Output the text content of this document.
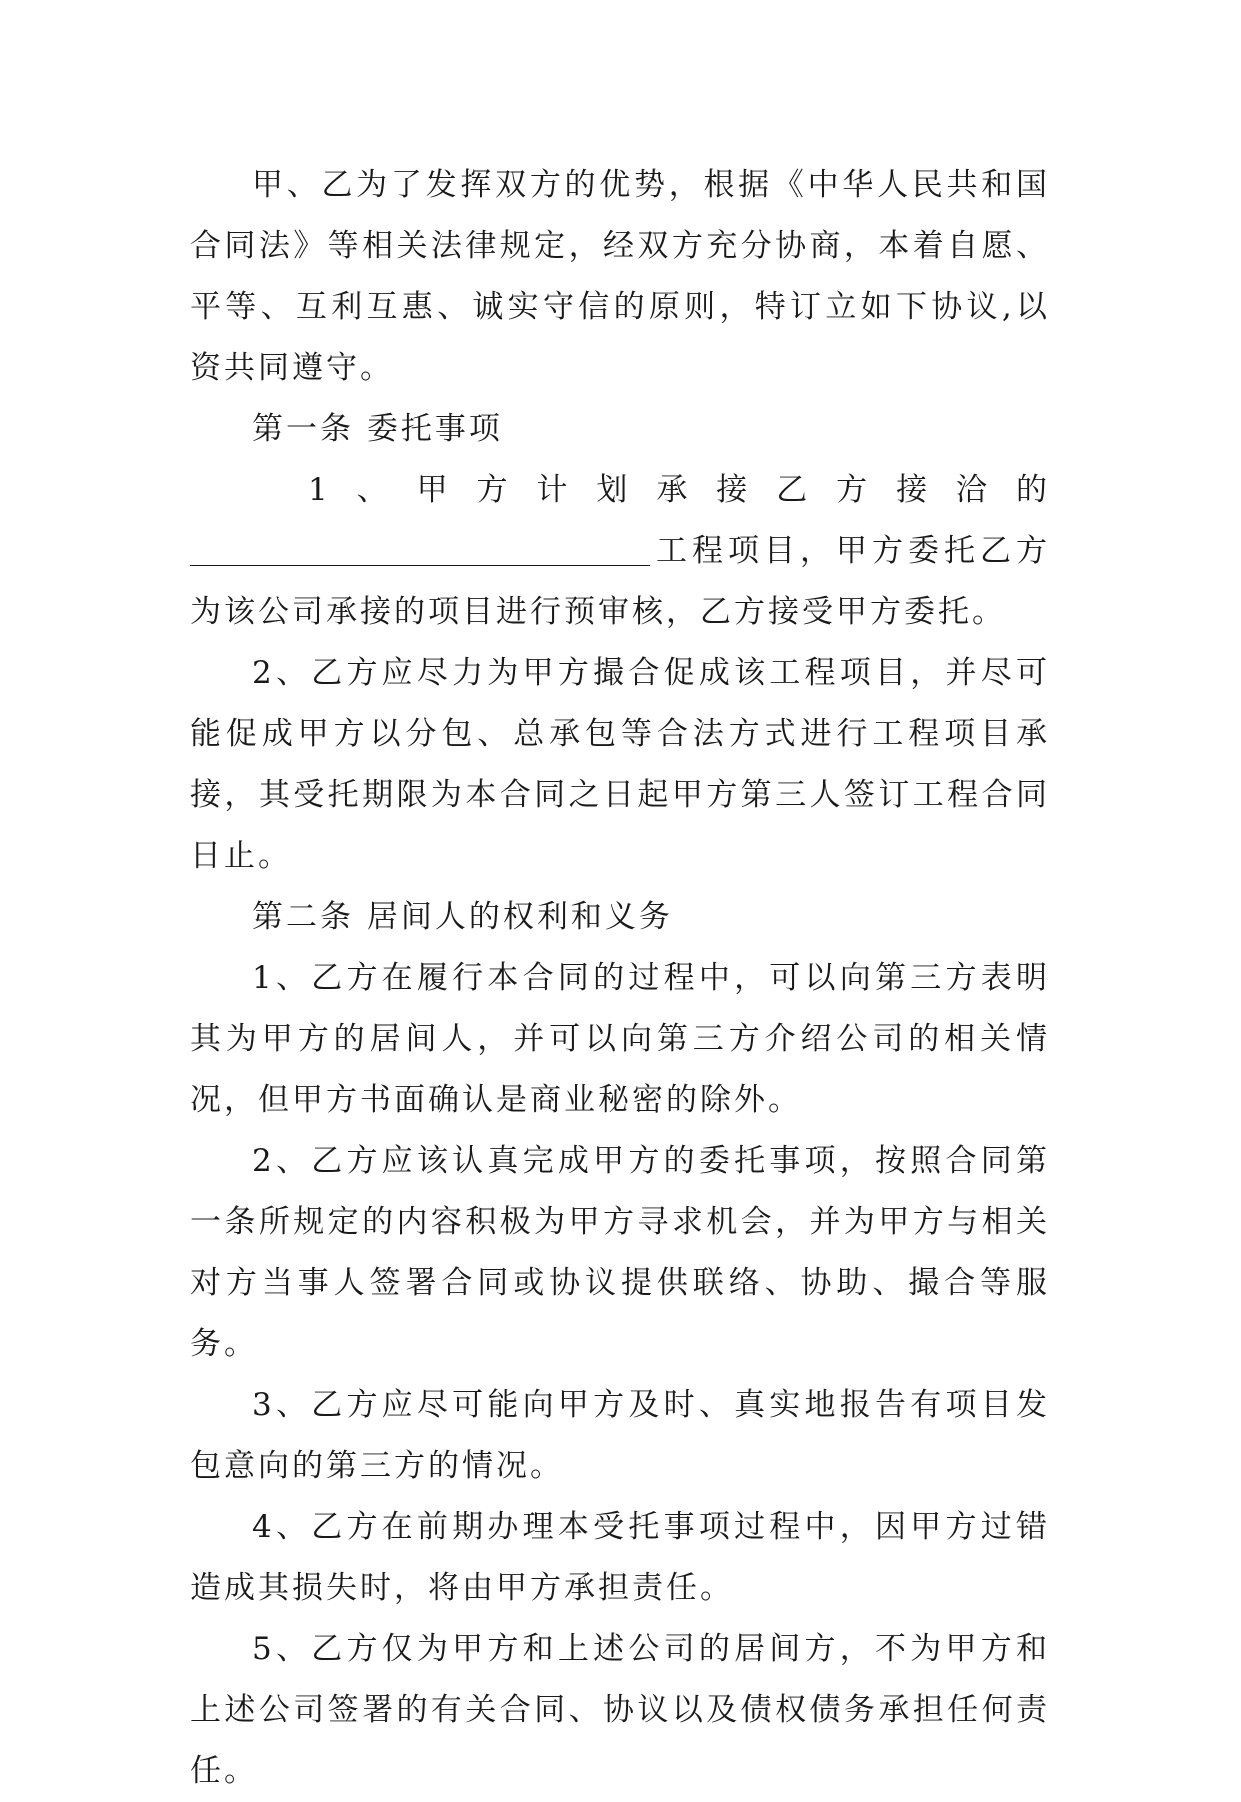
甲、乙为了发挥双方的优势，根据《中华人民共和国合同法》等相关法律规定，经双方充分协商，本着自愿、平等、互利互惠、诚实守信的原则，特订立如下协议,以资共同遵守。

第一条 委托事项

1 、 甲 方 计 划 承 接 乙 方 接 洽 的

工程项目，甲方委托乙方为该公司承接的项目进行预审核，乙方接受甲方委托。

2、乙方应尽力为甲方撮合促成该工程项目，并尽可能促成甲方以分包、总承包等合法方式进行工程项目承接，其受托期限为本合同之日起甲方第三人签订工程合同日止。

第二条 居间人的权利和义务

1、乙方在履行本合同的过程中，可以向第三方表明其为甲方的居间人，并可以向第三方介绍公司的相关情况，但甲方书面确认是商业秘密的除外。

2、乙方应该认真完成甲方的委托事项，按照合同第一条所规定的内容积极为甲方寻求机会，并为甲方与相关对方当事人签署合同或协议提供联络、协助、撮合等服务。

3、乙方应尽可能向甲方及时、真实地报告有项目发包意向的第三方的情况。

4、乙方在前期办理本受托事项过程中，因甲方过错造成其损失时，将由甲方承担责任。

5、乙方仅为甲方和上述公司的居间方，不为甲方和上述公司签署的有关合同、协议以及债权债务承担任何责任。
